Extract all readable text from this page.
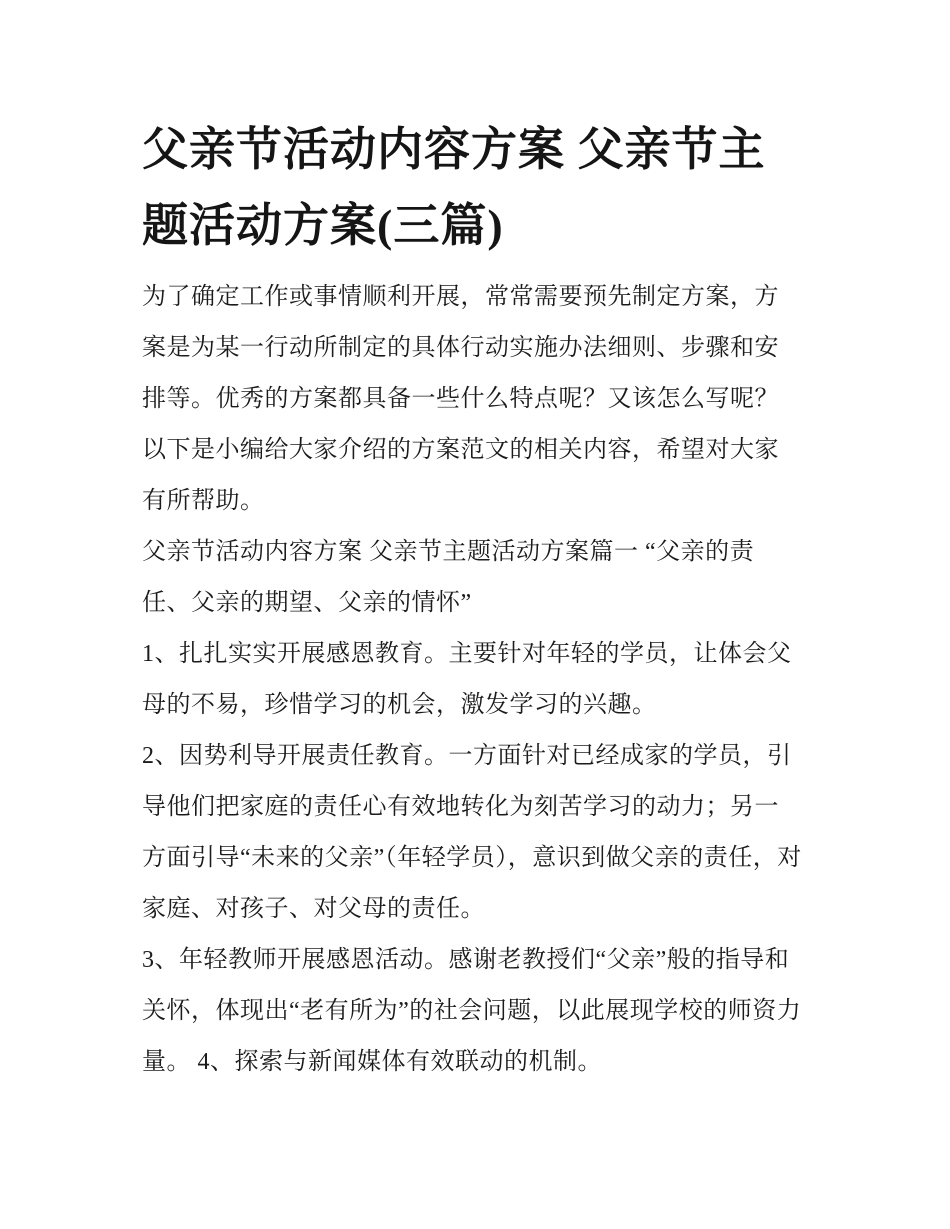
父亲节活动内容方案 父亲节主题活动方案(三篇)

为了确定工作或事情顺利开展，常常需要预先制定方案，方案是为某一行动所制定的具体行动实施办法细则、步骤和安排等。优秀的方案都具备一些什么特点呢？又该怎么写呢？以下是小编给大家介绍的方案范文的相关内容，希望对大家有所帮助。

父亲节活动内容方案 父亲节主题活动方案篇一 “父亲的责任、父亲的期望、父亲的情怀”

1、扎扎实实开展感恩教育。主要针对年轻的学员，让体会父母的不易，珍惜学习的机会，激发学习的兴趣。

2、因势利导开展责任教育。一方面针对已经成家的学员，引导他们把家庭的责任心有效地转化为刻苦学习的动力；另一方面引导“未来的父亲”（年轻学员），意识到做父亲的责任，对家庭、对孩子、对父母的责任。

3、年轻教师开展感恩活动。感谢老教授们“父亲”般的指导和关怀，体现出“老有所为”的社会问题，以此展现学校的师资力量。 4、探索与新闻媒体有效联动的机制。
